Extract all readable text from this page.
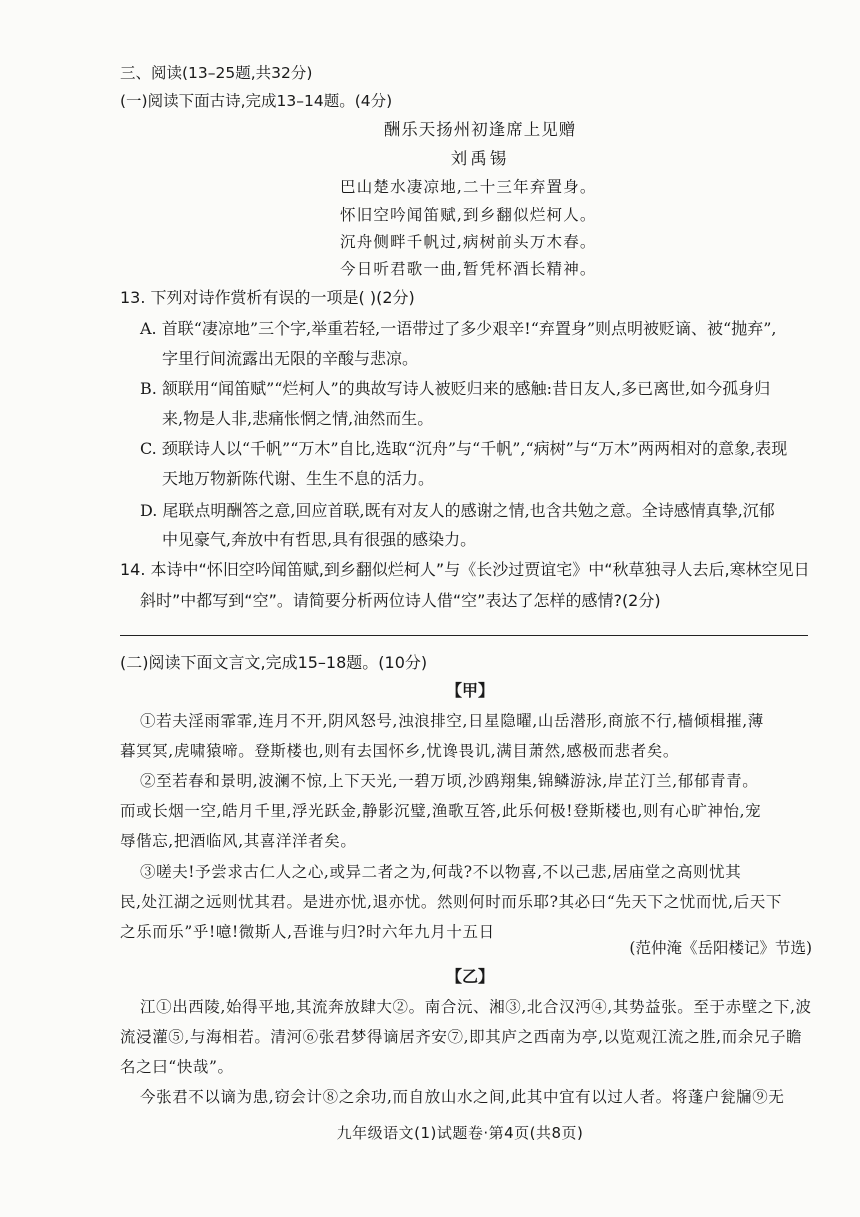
三、阅读(13–25题,共32分)
(一)阅读下面古诗,完成13–14题。(4分)
酬乐天扬州初逢席上见赠
刘禹锡
巴山楚水凄凉地,二十三年弃置身。
怀旧空吟闻笛赋,到乡翻似烂柯人。
沉舟侧畔千帆过,病树前头万木春。
今日听君歌一曲,暂凭杯酒长精神。
13. 下列对诗作赏析有误的一项是( )(2分)
A. 首联“凄凉地”三个字,举重若轻,一语带过了多少艰辛!“弃置身”则点明被贬谪、被“抛弃”,
字里行间流露出无限的辛酸与悲凉。
B. 颔联用“闻笛赋”“烂柯人”的典故写诗人被贬归来的感触:昔日友人,多已离世,如今孤身归
来,物是人非,悲痛怅惘之情,油然而生。
C. 颈联诗人以“千帆”“万木”自比,选取“沉舟”与“千帆”,“病树”与“万木”两两相对的意象,表现
天地万物新陈代谢、生生不息的活力。
D. 尾联点明酬答之意,回应首联,既有对友人的感谢之情,也含共勉之意。全诗感情真挚,沉郁
中见豪气,奔放中有哲思,具有很强的感染力。
14. 本诗中“怀旧空吟闻笛赋,到乡翻似烂柯人”与《长沙过贾谊宅》中“秋草独寻人去后,寒林空见日
斜时”中都写到“空”。请简要分析两位诗人借“空”表达了怎样的感情?(2分)
(二)阅读下面文言文,完成15–18题。(10分)
【甲】
①若夫淫雨霏霏,连月不开,阴风怒号,浊浪排空,日星隐曜,山岳潜形,商旅不行,樯倾楫摧,薄
暮冥冥,虎啸猿啼。登斯楼也,则有去国怀乡,忧谗畏讥,满目萧然,感极而悲者矣。
②至若春和景明,波澜不惊,上下天光,一碧万顷,沙鸥翔集,锦鳞游泳,岸芷汀兰,郁郁青青。
而或长烟一空,皓月千里,浮光跃金,静影沉璧,渔歌互答,此乐何极!登斯楼也,则有心旷神怡,宠
辱偕忘,把酒临风,其喜洋洋者矣。
③嗟夫!予尝求古仁人之心,或异二者之为,何哉?不以物喜,不以己悲,居庙堂之高则忧其
民,处江湖之远则忧其君。是进亦忧,退亦忧。然则何时而乐耶?其必曰“先天下之忧而忧,后天下
之乐而乐”乎!噫!微斯人,吾谁与归?时六年九月十五日
(范仲淹《岳阳楼记》节选)
【乙】
江①出西陵,始得平地,其流奔放肆大②。南合沅、湘③,北合汉沔④,其势益张。至于赤壁之下,波
流浸灌⑤,与海相若。清河⑥张君梦得谪居齐安⑦,即其庐之西南为亭,以览观江流之胜,而余兄子瞻
名之曰“快哉”。
今张君不以谪为患,窃会计⑧之余功,而自放山水之间,此其中宜有以过人者。将蓬户瓮牖⑨无
九年级语文(1)试题卷·第4页(共8页)
